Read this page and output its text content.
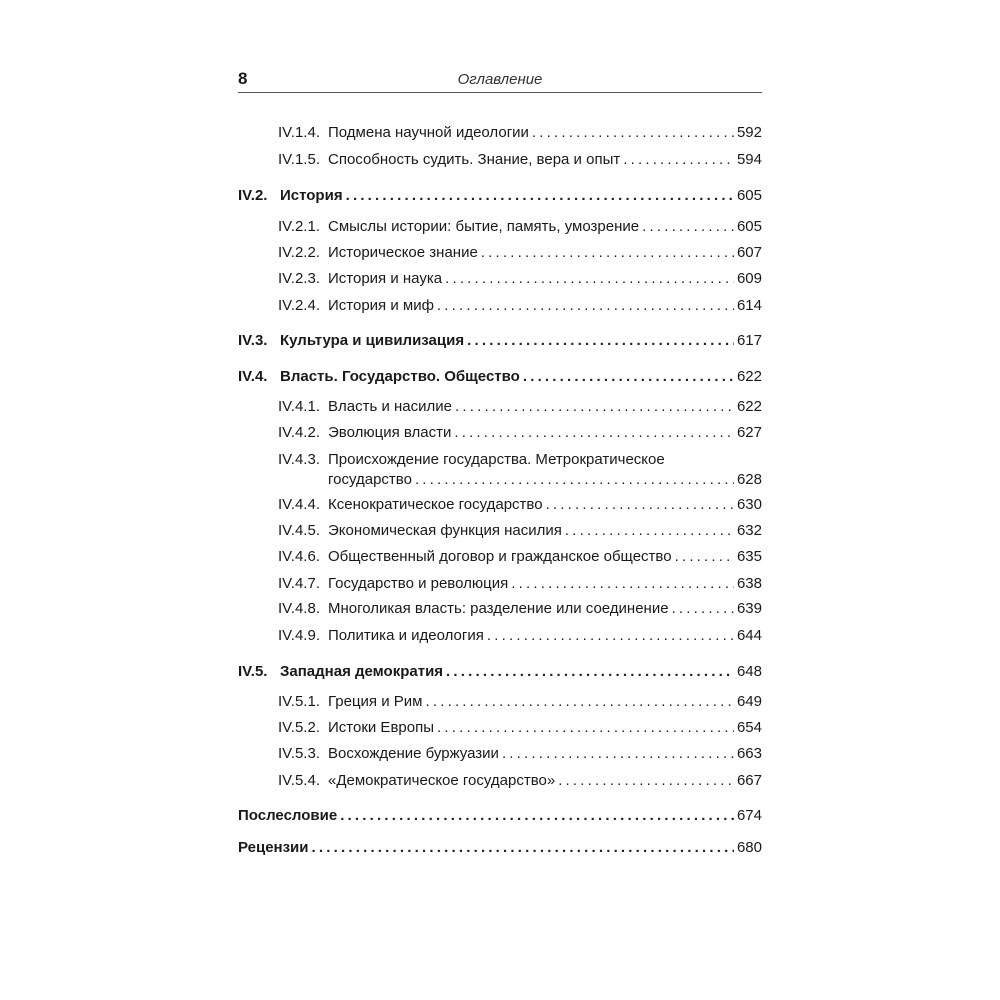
8	Оглавление
IV.1.4. Подмена научной идеологии .....	592
IV.1.5. Способность судить. Знание, вера и опыт .....	594
IV.2. История .....	605
IV.2.1. Смыслы истории: бытие, память, умозрение .....	605
IV.2.2. Историческое знание .....	607
IV.2.3. История и наука .....	609
IV.2.4. История и миф .....	614
IV.3. Культура и цивилизация .....	617
IV.4. Власть. Государство. Общество .....	622
IV.4.1. Власть и насилие .....	622
IV.4.2. Эволюция власти .....	627
IV.4.3. Происхождение государства. Метрократическое
государство .....	628
IV.4.4. Ксенократическое государство .....	630
IV.4.5. Экономическая функция насилия .....	632
IV.4.6. Общественный договор и гражданское общество .....	635
IV.4.7. Государство и революция .....	638
IV.4.8. Многоликая власть: разделение или соединение .....	639
IV.4.9. Политика и идеология .....	644
IV.5. Западная демократия .....	648
IV.5.1. Греция и Рим .....	649
IV.5.2. Истоки Европы .....	654
IV.5.3. Восхождение буржуазии .....	663
IV.5.4. «Демократическое государство» .....	667
Послесловие .....	674
Рецензии .....	680
